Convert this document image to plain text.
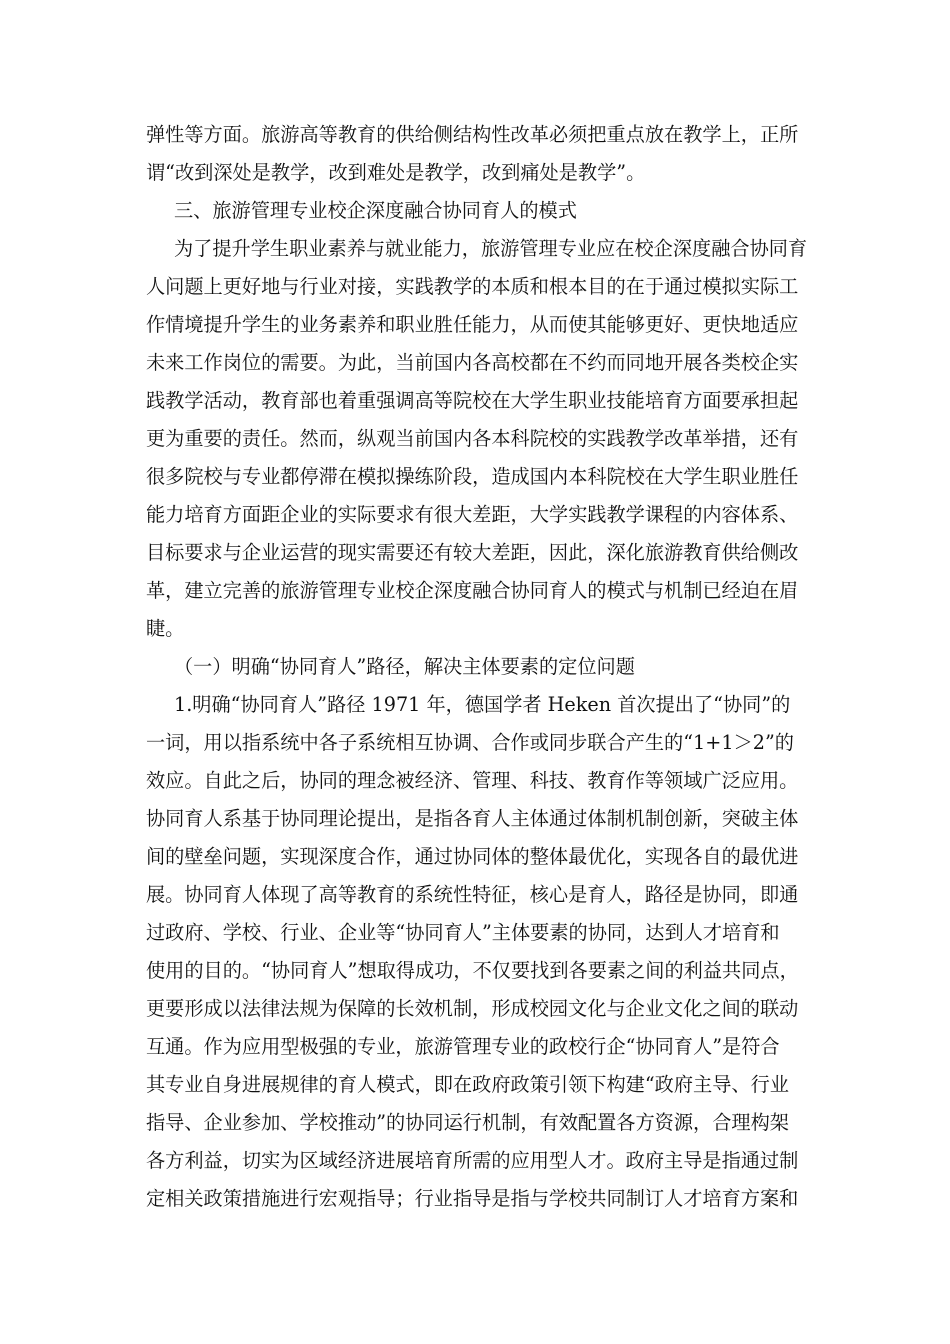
弹性等方面。旅游高等教育的供给侧结构性改革必须把重点放在教学上，正所
谓“改到深处是教学，改到难处是教学，改到痛处是教学”。
三、旅游管理专业校企深度融合协同育人的模式
为了提升学生职业素养与就业能力，旅游管理专业应在校企深度融合协同育
人问题上更好地与行业对接，实践教学的本质和根本目的在于通过模拟实际工
作情境提升学生的业务素养和职业胜任能力，从而使其能够更好、更快地适应
未来工作岗位的需要。为此，当前国内各高校都在不约而同地开展各类校企实
践教学活动，教育部也着重强调高等院校在大学生职业技能培育方面要承担起
更为重要的责任。然而，纵观当前国内各本科院校的实践教学改革举措，还有
很多院校与专业都停滞在模拟操练阶段，造成国内本科院校在大学生职业胜任
能力培育方面距企业的实际要求有很大差距，大学实践教学课程的内容体系、
目标要求与企业运营的现实需要还有较大差距，因此，深化旅游教育供给侧改
革，建立完善的旅游管理专业校企深度融合协同育人的模式与机制已经迫在眉
睫。
（一）明确“协同育人”路径，解决主体要素的定位问题
1.明确“协同育人”路径 1971 年，德国学者 Heken 首次提出了“协同”的
一词，用以指系统中各子系统相互协调、合作或同步联合产生的“1+1＞2”的
效应。自此之后，协同的理念被经济、管理、科技、教育作等领域广泛应用。
协同育人系基于协同理论提出，是指各育人主体通过体制机制创新，突破主体
间的壁垒问题，实现深度合作，通过协同体的整体最优化，实现各自的最优进
展。协同育人体现了高等教育的系统性特征，核心是育人，路径是协同，即通
过政府、学校、行业、企业等“协同育人”主体要素的协同，达到人才培育和
使用的目的。“协同育人”想取得成功，不仅要找到各要素之间的利益共同点，
更要形成以法律法规为保障的长效机制，形成校园文化与企业文化之间的联动
互通。作为应用型极强的专业，旅游管理专业的政校行企“协同育人”是符合
其专业自身进展规律的育人模式，即在政府政策引领下构建“政府主导、行业
指导、企业参加、学校推动”的协同运行机制，有效配置各方资源，合理构架
各方利益，切实为区域经济进展培育所需的应用型人才。政府主导是指通过制
定相关政策措施进行宏观指导；行业指导是指与学校共同制订人才培育方案和
